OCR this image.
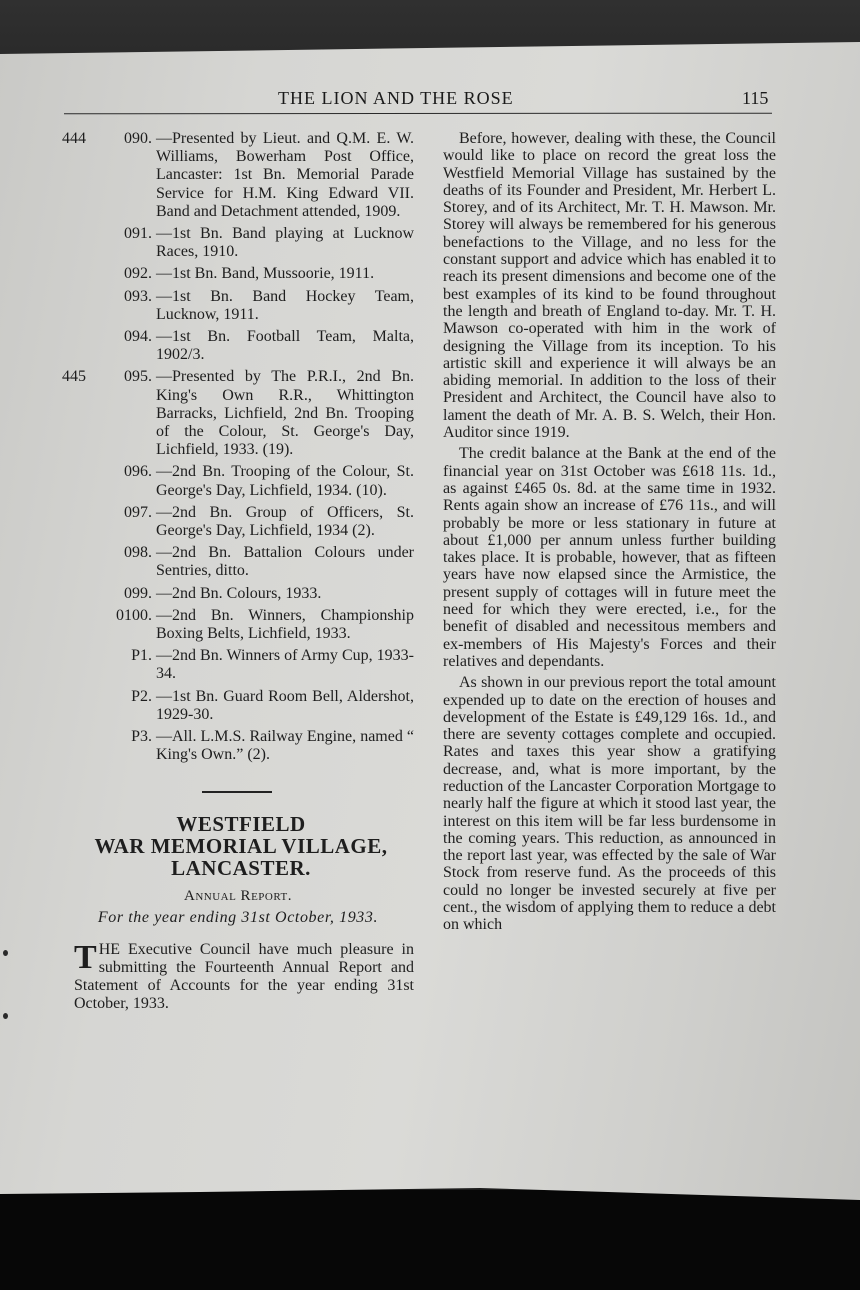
THE LION AND THE ROSE	115
444	090. —Presented by Lieut. and Q.M. E. W. Williams, Bowerham Post Office, Lancaster: 1st Bn. Memorial Parade Service for H.M. King Edward VII. Band and Detachment attended, 1909.
091. —1st Bn. Band playing at Lucknow Races, 1910.
092. —1st Bn. Band, Mussoorie, 1911.
093. —1st Bn. Band Hockey Team, Lucknow, 1911.
094. —1st Bn. Football Team, Malta, 1902/3.
445	095. —Presented by The P.R.I., 2nd Bn. King's Own R.R., Whittington Barracks, Lichfield, 2nd Bn. Trooping of the Colour, St. George's Day, Lichfield, 1933. (19).
096. —2nd Bn. Trooping of the Colour, St. George's Day, Lichfield, 1934. (10).
097. —2nd Bn. Group of Officers, St. George's Day, Lichfield, 1934 (2).
098. —2nd Bn. Battalion Colours under Sentries, ditto.
099. —2nd Bn. Colours, 1933.
0100. —2nd Bn. Winners, Championship Boxing Belts, Lichfield, 1933.
P1. —2nd Bn. Winners of Army Cup, 1933-34.
P2. —1st Bn. Guard Room Bell, Aldershot, 1929-30.
P3. —All. L.M.S. Railway Engine, named “ King's Own.” (2).
WESTFIELD
WAR MEMORIAL VILLAGE,
LANCASTER.
Annual Report.
For the year ending 31st October, 1933.
THE Executive Council have much pleasure in submitting the Fourteenth Annual Report and Statement of Accounts for the year ending 31st October, 1933.

Before, however, dealing with these, the Council would like to place on record the great loss the Westfield Memorial Village has sustained by the deaths of its Founder and President, Mr. Herbert L. Storey, and of its Architect, Mr. T. H. Mawson. Mr. Storey will always be remembered for his generous benefactions to the Village, and no less for the constant support and advice which has enabled it to reach its present dimensions and become one of the best examples of its kind to be found throughout the length and breath of England to-day. Mr. T. H. Mawson co-operated with him in the work of designing the Village from its inception. To his artistic skill and experience it will always be an abiding memorial. In addition to the loss of their President and Architect, the Council have also to lament the death of Mr. A. B. S. Welch, their Hon. Auditor since 1919.

The credit balance at the Bank at the end of the financial year on 31st October was £618 11s. 1d., as against £465 0s. 8d. at the same time in 1932. Rents again show an increase of £76 11s., and will probably be more or less stationary in future at about £1,000 per annum unless further building takes place. It is probable, however, that as fifteen years have now elapsed since the Armistice, the present supply of cottages will in future meet the need for which they were erected, i.e., for the benefit of disabled and necessitous members and ex-members of His Majesty's Forces and their relatives and dependants.

As shown in our previous report the total amount expended up to date on the erection of houses and development of the Estate is £49,129 16s. 1d., and there are seventy cottages complete and occupied. Rates and taxes this year show a gratifying decrease, and, what is more important, by the reduction of the Lancaster Corporation Mortgage to nearly half the figure at which it stood last year, the interest on this item will be far less burdensome in the coming years. This reduction, as announced in the report last year, was effected by the sale of War Stock from reserve fund. As the proceeds of this could no longer be invested securely at five per cent., the wisdom of applying them to reduce a debt on which
